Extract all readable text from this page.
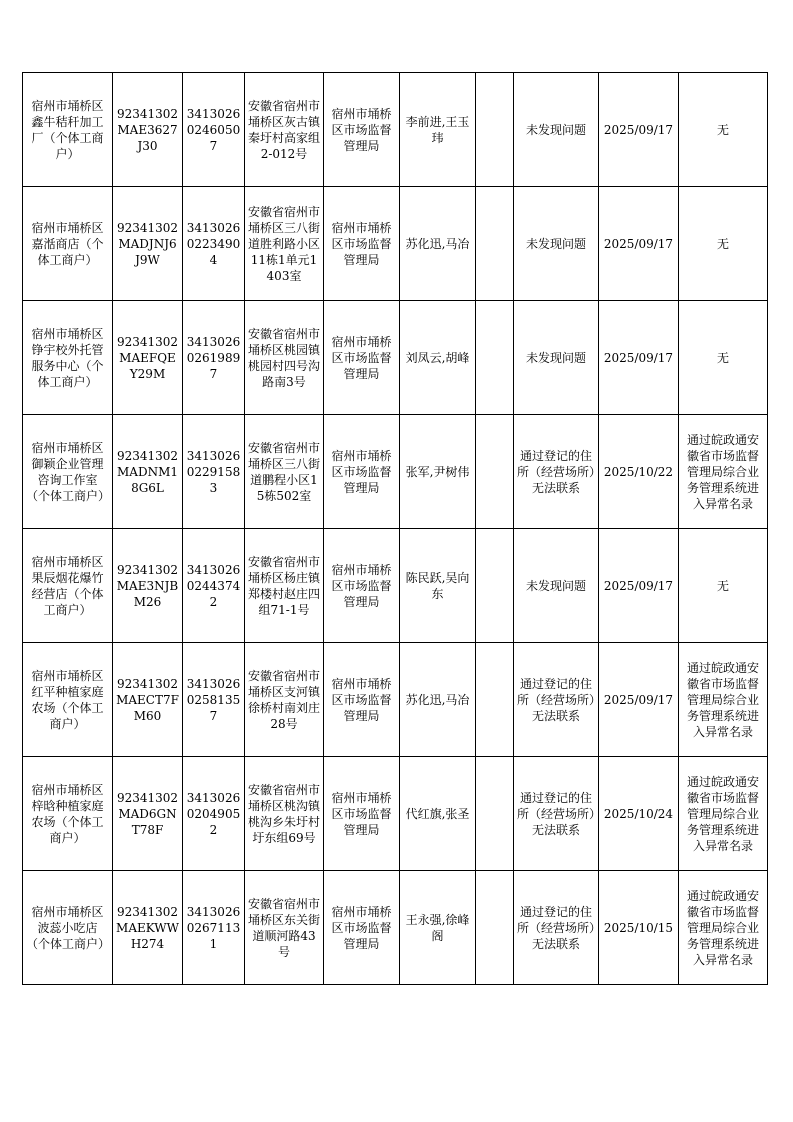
宿州市埇桥区鑫牛秸秆加工厂（个体工商户）	92341302MAE3627J30	341302602460507	安徽省宿州市埇桥区灰古镇秦圩村高家组2-012号	宿州市埇桥区市场监督管理局	李前进,王玉玮		未发现问题	2025/09/17	无
宿州市埇桥区嘉湉商店（个体工商户）	92341302MADJNJ6J9W	341302602234904	安徽省宿州市埇桥区三八街道胜利路小区11栋1单元1403室	宿州市埇桥区市场监督管理局	苏化迅,马冶		未发现问题	2025/09/17	无
宿州市埇桥区铮宇校外托管服务中心（个体工商户）	92341302MAEFQEY29M	341302602619897	安徽省宿州市埇桥区桃园镇桃园村四号沟路南3号	宿州市埇桥区市场监督管理局	刘凤云,胡峰		未发现问题	2025/09/17	无
宿州市埇桥区御颖企业管理咨询工作室（个体工商户）	92341302MADNM18G6L	341302602291583	安徽省宿州市埇桥区三八街道鹏程小区15栋502室	宿州市埇桥区市场监督管理局	张军,尹树伟		通过登记的住所（经营场所）无法联系	2025/10/22	通过皖政通安徽省市场监督管理局综合业务管理系统进入异常名录
宿州市埇桥区果辰烟花爆竹经营店（个体工商户）	92341302MAE3NJBM26	341302602443742	安徽省宿州市埇桥区杨庄镇郑楼村赵庄四组71-1号	宿州市埇桥区市场监督管理局	陈民跃,吴向东		未发现问题	2025/09/17	无
宿州市埇桥区红平种植家庭农场（个体工商户）	92341302MAECT7FM60	341302602581357	安徽省宿州市埇桥区支河镇徐桥村南刘庄28号	宿州市埇桥区市场监督管理局	苏化迅,马冶		通过登记的住所（经营场所）无法联系	2025/09/17	通过皖政通安徽省市场监督管理局综合业务管理系统进入异常名录
宿州市埇桥区梓晗种植家庭农场（个体工商户）	92341302MAD6GNT78F	341302602049052	安徽省宿州市埇桥区桃沟镇桃沟乡朱圩村圩东组69号	宿州市埇桥区市场监督管理局	代红旗,张圣		通过登记的住所（经营场所）无法联系	2025/10/24	通过皖政通安徽省市场监督管理局综合业务管理系统进入异常名录
宿州市埇桥区波蕊小吃店（个体工商户）	92341302MAEKWWH274	341302602671131	安徽省宿州市埇桥区东关街道顺河路43号	宿州市埇桥区市场监督管理局	王永强,徐峰阁		通过登记的住所（经营场所）无法联系	2025/10/15	通过皖政通安徽省市场监督管理局综合业务管理系统进入异常名录
